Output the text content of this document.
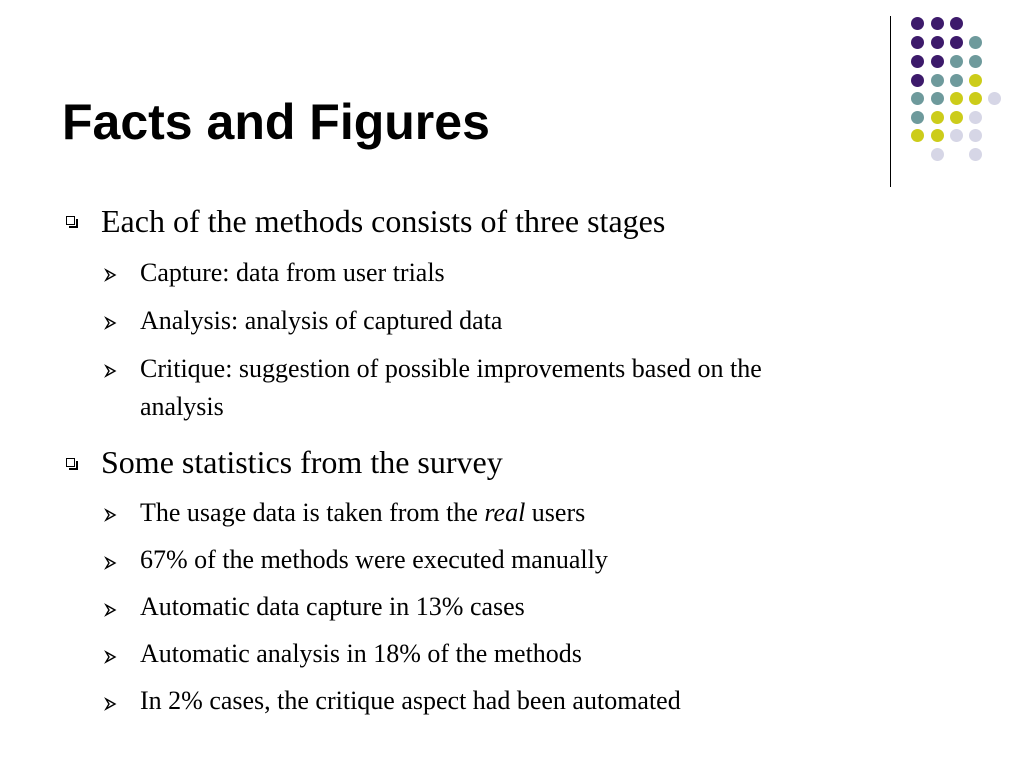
Facts and Figures
Each of the methods consists of three stages
Capture: data from user trials
Analysis: analysis of captured data
Critique: suggestion of possible improvements based on the
analysis
Some statistics from the survey
The usage data is taken from the real users
67% of the methods were executed manually
Automatic data capture in 13% cases
Automatic analysis in 18% of the methods
In 2% cases, the critique aspect had been automated
